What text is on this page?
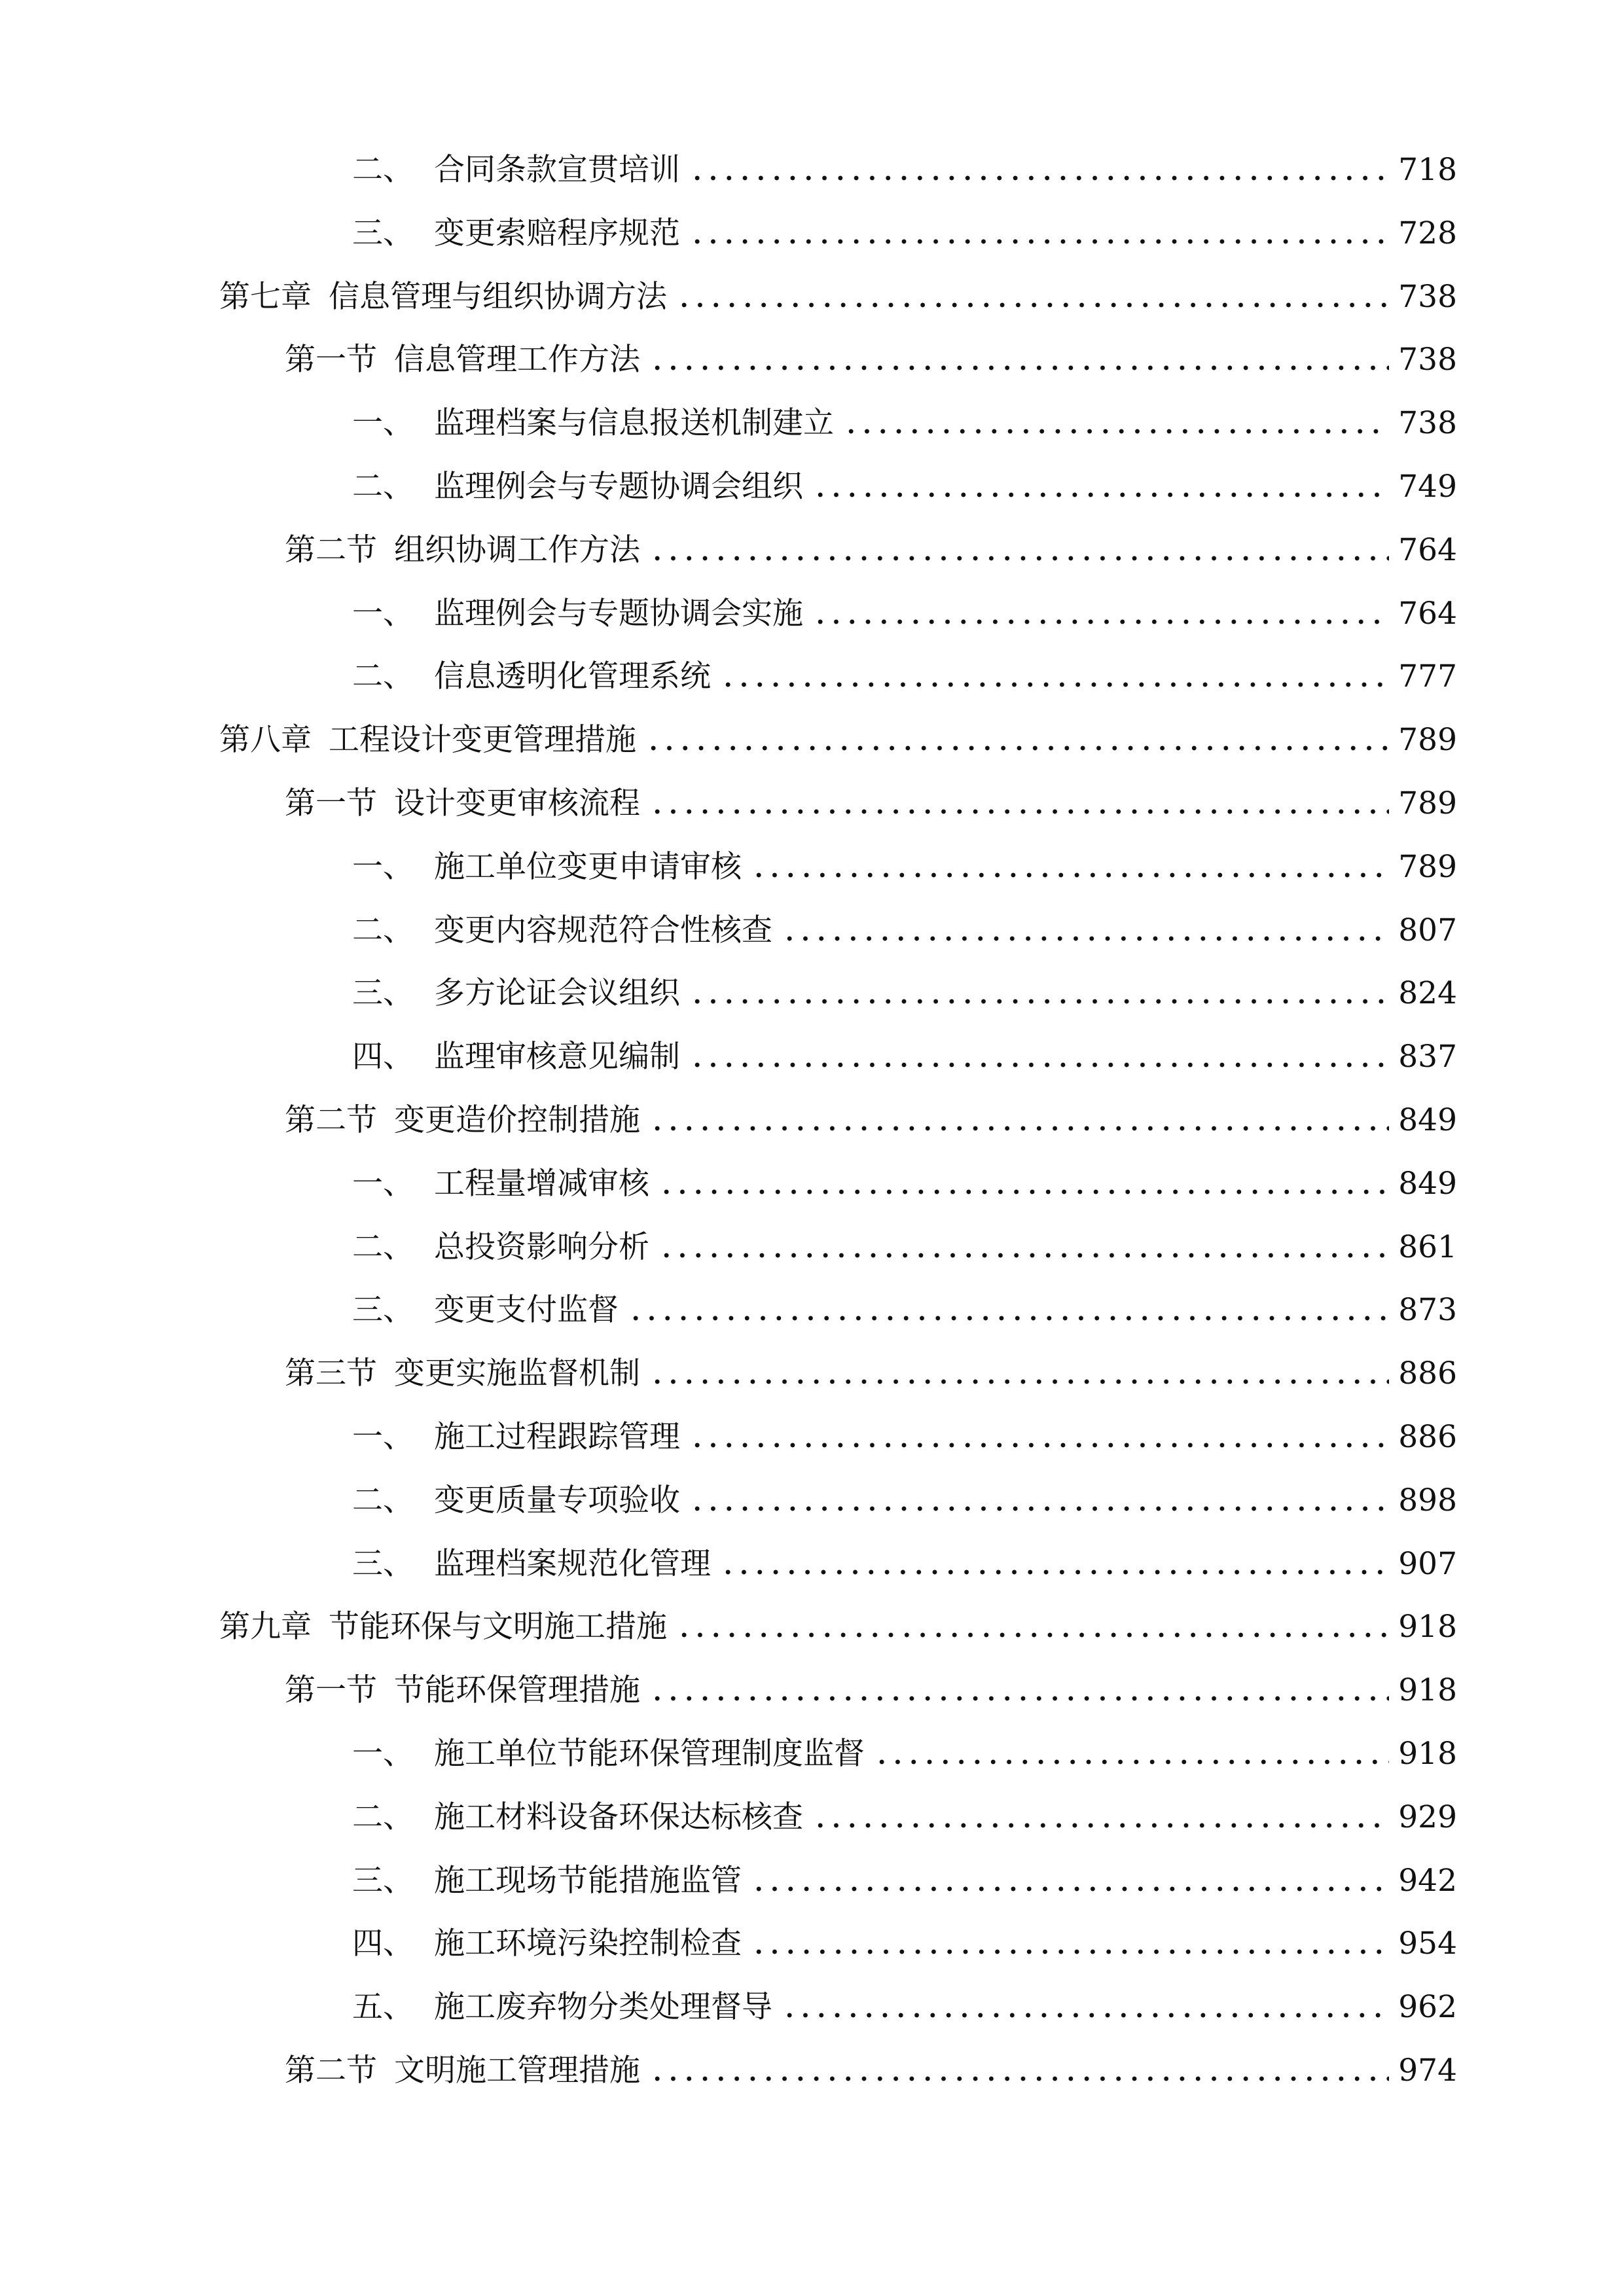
二、 合同条款宣贯培训	718
三、 变更索赔程序规范	728
第七章 信息管理与组织协调方法	738
第一节 信息管理工作方法	738
一、 监理档案与信息报送机制建立	738
二、 监理例会与专题协调会组织	749
第二节 组织协调工作方法	764
一、 监理例会与专题协调会实施	764
二、 信息透明化管理系统	777
第八章 工程设计变更管理措施	789
第一节 设计变更审核流程	789
一、 施工单位变更申请审核	789
二、 变更内容规范符合性核查	807
三、 多方论证会议组织	824
四、 监理审核意见编制	837
第二节 变更造价控制措施	849
一、 工程量增减审核	849
二、 总投资影响分析	861
三、 变更支付监督	873
第三节 变更实施监督机制	886
一、 施工过程跟踪管理	886
二、 变更质量专项验收	898
三、 监理档案规范化管理	907
第九章 节能环保与文明施工措施	918
第一节 节能环保管理措施	918
一、 施工单位节能环保管理制度监督	918
二、 施工材料设备环保达标核查	929
三、 施工现场节能措施监管	942
四、 施工环境污染控制检查	954
五、 施工废弃物分类处理督导	962
第二节 文明施工管理措施	974
